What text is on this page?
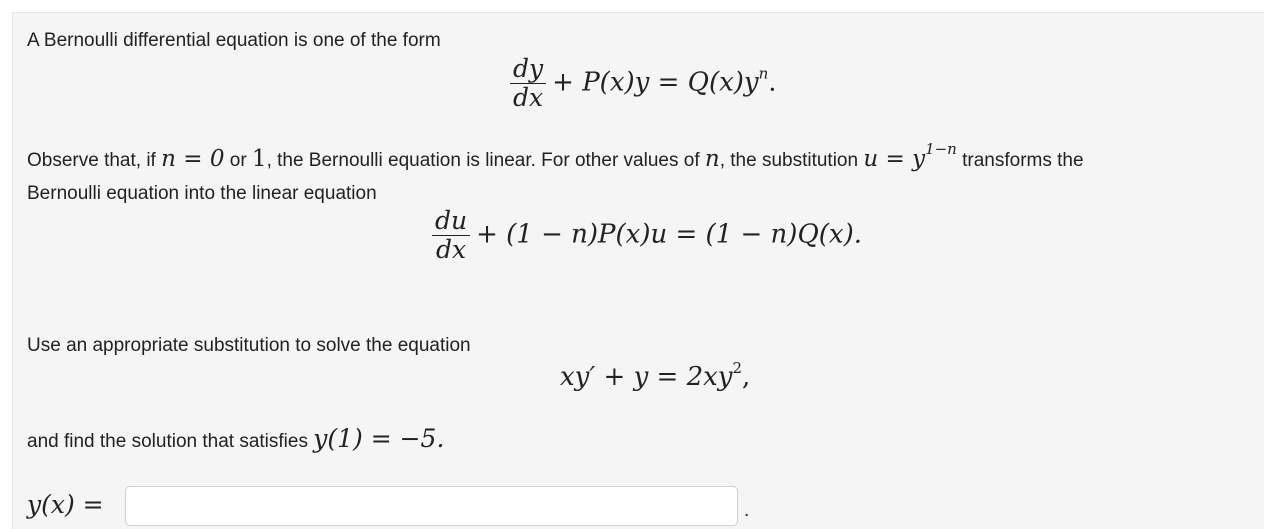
A Bernoulli differential equation is one of the form
$\frac{dy}{dx} + P(x)y = Q(x)y^n$.
Observe that, if n = 0 or 1, the Bernoulli equation is linear. For other values of n, the substitution $u = y^{1-n}$ transforms the
Bernoulli equation into the linear equation
$\frac{du}{dx} + (1 - n)P(x)u = (1 - n)Q(x)$.
Use an appropriate substitution to solve the equation
$xy' + y = 2xy^2$,
and find the solution that satisfies y(1) = −5.
y(x) =	.
